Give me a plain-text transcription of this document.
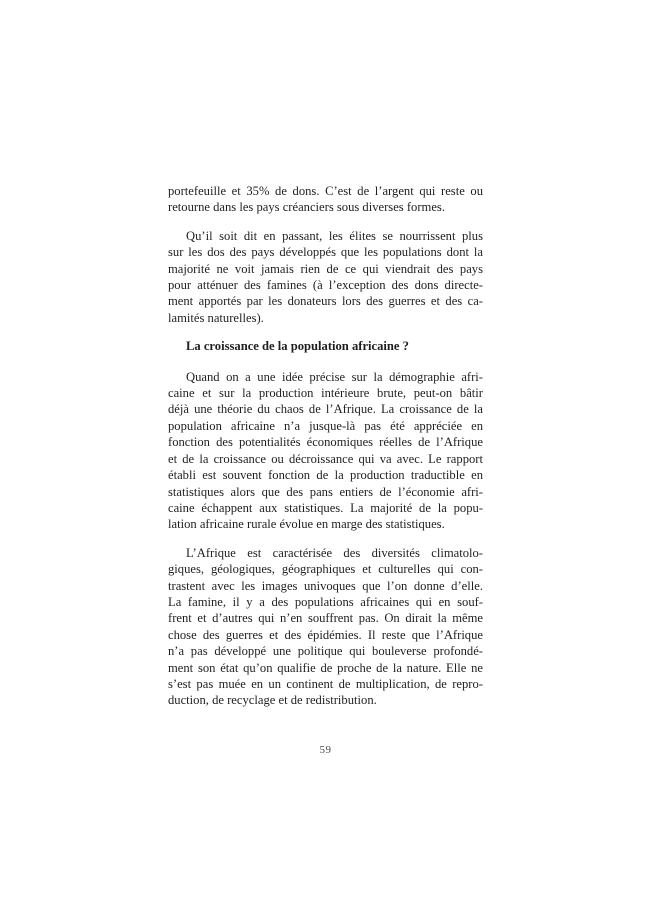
portefeuille et 35% de dons. C’est de l’argent qui reste ou
retourne dans les pays créanciers sous diverses formes.
Qu’il soit dit en passant, les élites se nourrissent plus
sur les dos des pays développés que les populations dont la
majorité ne voit jamais rien de ce qui viendrait des pays
pour atténuer des famines (à l’exception des dons directe-
ment apportés par les donateurs lors des guerres et des ca-
lamités naturelles).
La croissance de la population africaine ?
Quand on a une idée précise sur la démographie afri-
caine et sur la production intérieure brute, peut-on bâtir
déjà une théorie du chaos de l’Afrique. La croissance de la
population africaine n’a jusque-là pas été appréciée en
fonction des potentialités économiques réelles de l’Afrique
et de la croissance ou décroissance qui va avec. Le rapport
établi est souvent fonction de la production traductible en
statistiques alors que des pans entiers de l’économie afri-
caine échappent aux statistiques. La majorité de la popu-
lation africaine rurale évolue en marge des statistiques.
L’Afrique est caractérisée des diversités climatolo-
giques, géologiques, géographiques et culturelles qui con-
trastent avec les images univoques que l’on donne d’elle.
La famine, il y a des populations africaines qui en souf-
frent et d’autres qui n’en souffrent pas. On dirait la même
chose des guerres et des épidémies. Il reste que l’Afrique
n’a pas développé une politique qui bouleverse profondé-
ment son état qu’on qualifie de proche de la nature. Elle ne
s’est pas muée en un continent de multiplication, de repro-
duction, de recyclage et de redistribution.
59
